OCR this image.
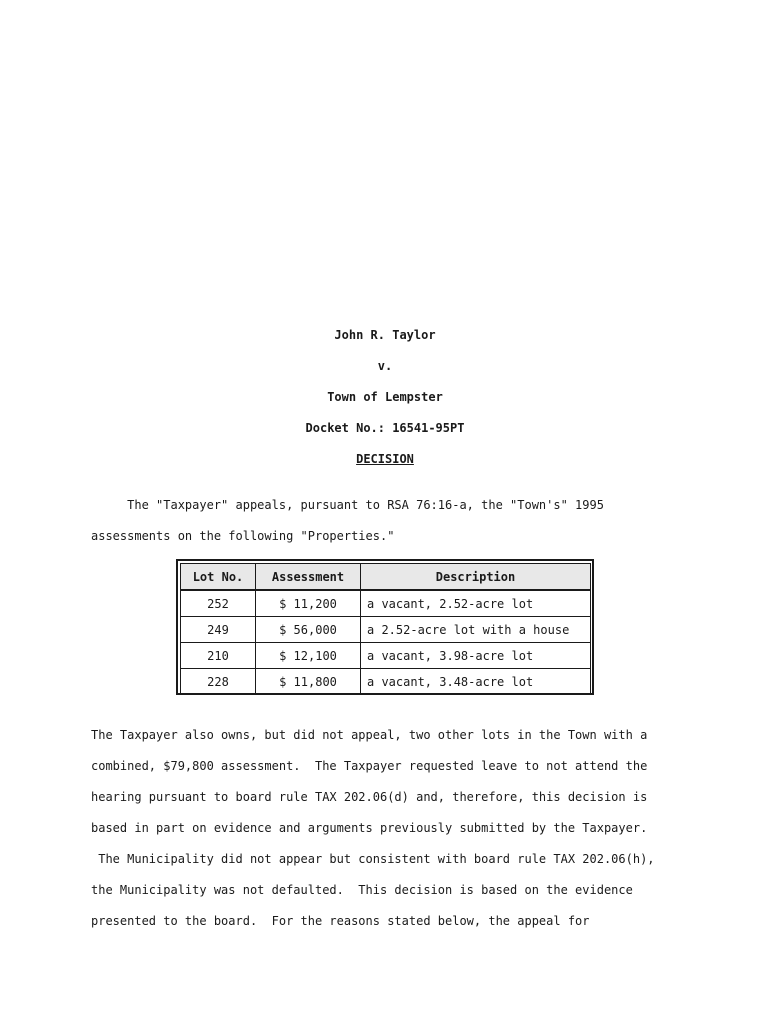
John R. Taylor
v.
Town of Lempster
Docket No.: 16541-95PT
DECISION
The "Taxpayer" appeals, pursuant to RSA 76:16-a, the "Town's" 1995
assessments on the following "Properties."
Lot No.	Assessment	Description
252	$ 11,200	a vacant, 2.52-acre lot
249	$ 56,000	a 2.52-acre lot with a house
210	$ 12,100	a vacant, 3.98-acre lot
228	$ 11,800	a vacant, 3.48-acre lot
The Taxpayer also owns, but did not appeal, two other lots in the Town with a
combined, $79,800 assessment.  The Taxpayer requested leave to not attend the
hearing pursuant to board rule TAX 202.06(d) and, therefore, this decision is
based in part on evidence and arguments previously submitted by the Taxpayer.
The Municipality did not appear but consistent with board rule TAX 202.06(h),
the Municipality was not defaulted.  This decision is based on the evidence
presented to the board.  For the reasons stated below, the appeal for
